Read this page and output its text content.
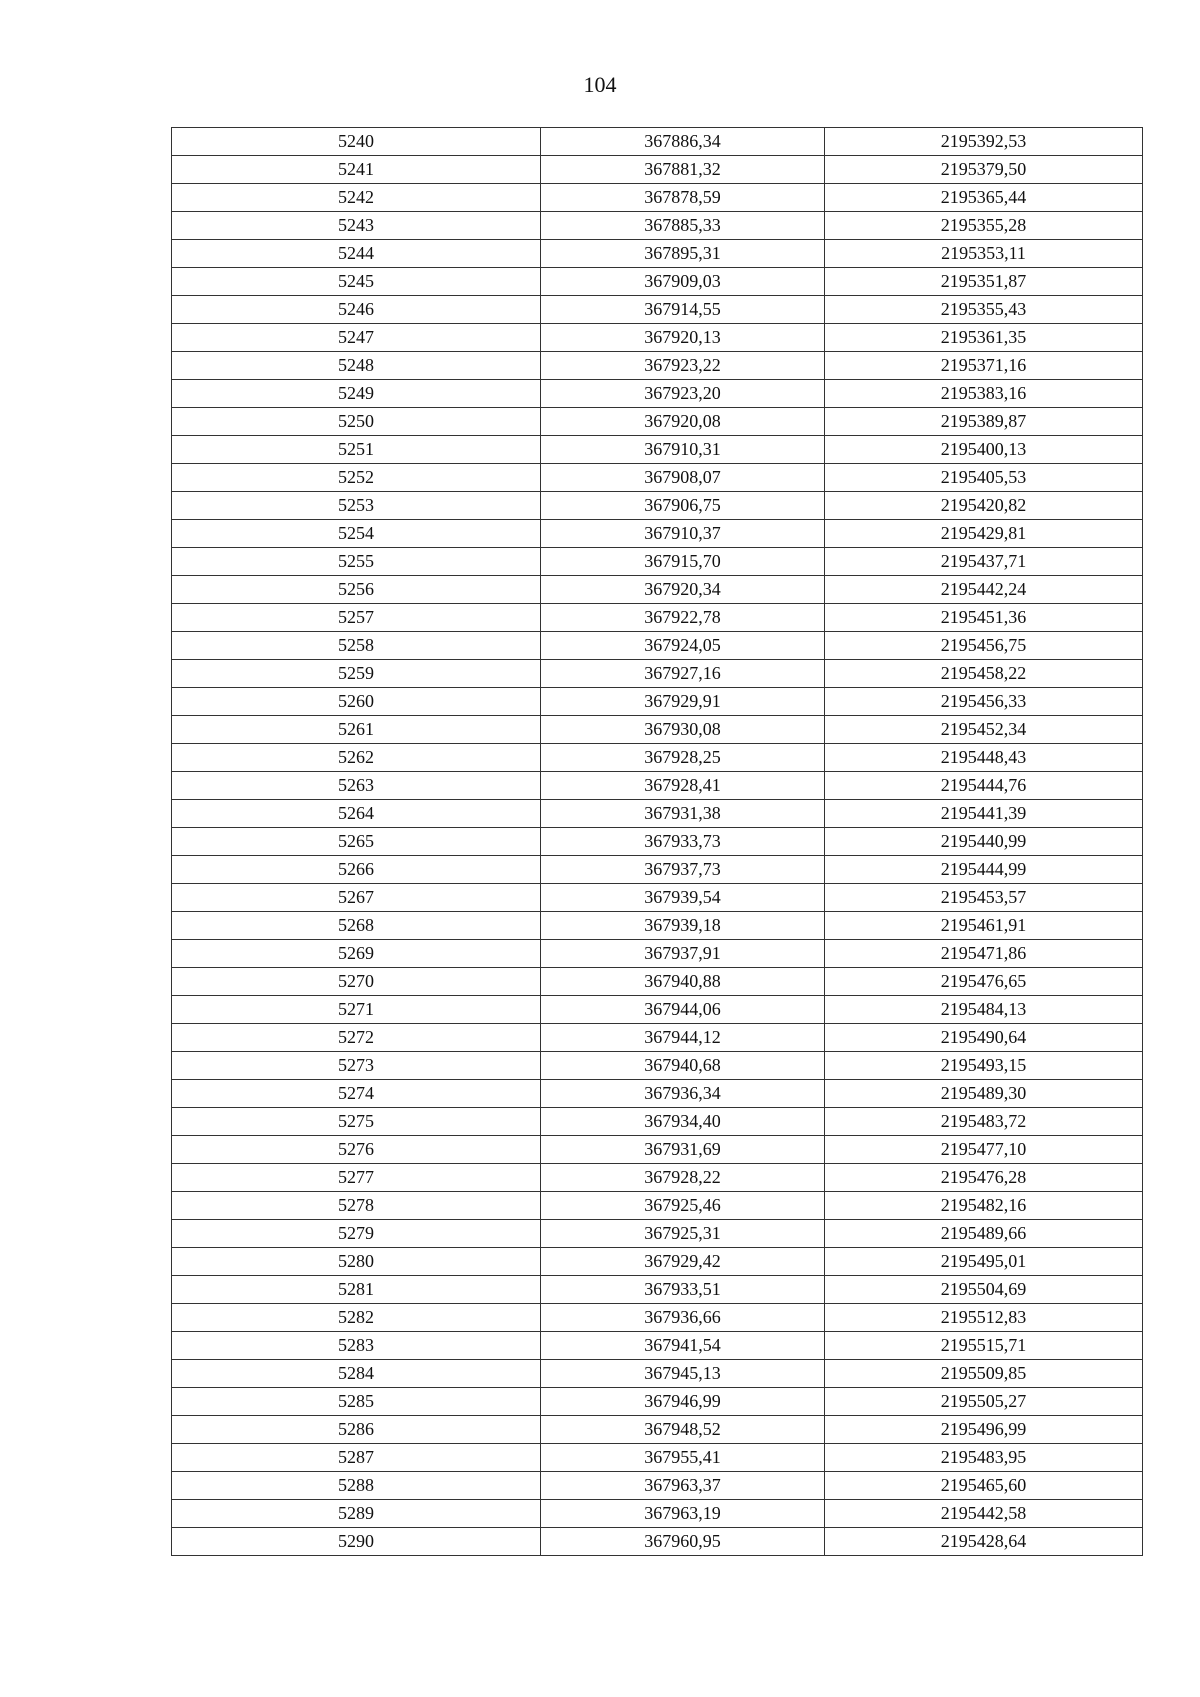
104
5240	367886,34	2195392,53
5241	367881,32	2195379,50
5242	367878,59	2195365,44
5243	367885,33	2195355,28
5244	367895,31	2195353,11
5245	367909,03	2195351,87
5246	367914,55	2195355,43
5247	367920,13	2195361,35
5248	367923,22	2195371,16
5249	367923,20	2195383,16
5250	367920,08	2195389,87
5251	367910,31	2195400,13
5252	367908,07	2195405,53
5253	367906,75	2195420,82
5254	367910,37	2195429,81
5255	367915,70	2195437,71
5256	367920,34	2195442,24
5257	367922,78	2195451,36
5258	367924,05	2195456,75
5259	367927,16	2195458,22
5260	367929,91	2195456,33
5261	367930,08	2195452,34
5262	367928,25	2195448,43
5263	367928,41	2195444,76
5264	367931,38	2195441,39
5265	367933,73	2195440,99
5266	367937,73	2195444,99
5267	367939,54	2195453,57
5268	367939,18	2195461,91
5269	367937,91	2195471,86
5270	367940,88	2195476,65
5271	367944,06	2195484,13
5272	367944,12	2195490,64
5273	367940,68	2195493,15
5274	367936,34	2195489,30
5275	367934,40	2195483,72
5276	367931,69	2195477,10
5277	367928,22	2195476,28
5278	367925,46	2195482,16
5279	367925,31	2195489,66
5280	367929,42	2195495,01
5281	367933,51	2195504,69
5282	367936,66	2195512,83
5283	367941,54	2195515,71
5284	367945,13	2195509,85
5285	367946,99	2195505,27
5286	367948,52	2195496,99
5287	367955,41	2195483,95
5288	367963,37	2195465,60
5289	367963,19	2195442,58
5290	367960,95	2195428,64
